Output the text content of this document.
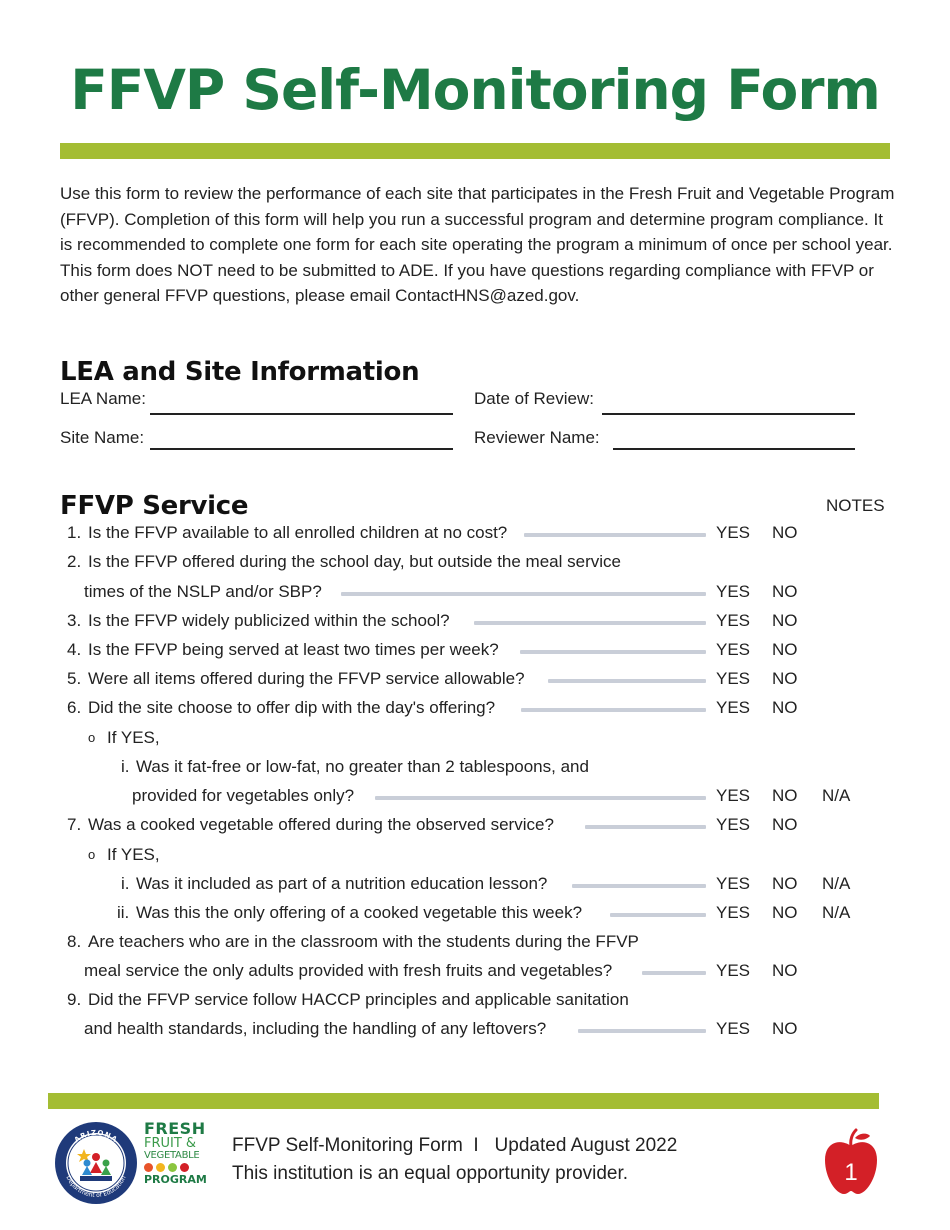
FFVP Self-Monitoring Form

Use this form to review the performance of each site that participates in the Fresh Fruit and Vegetable Program (FFVP). Completion of this form will help you run a successful program and determine program compliance. It is recommended to complete one form for each site operating the program a minimum of once per school year. This form does NOT need to be submitted to ADE. If you have questions regarding compliance with FFVP or other general FFVP questions, please email ContactHNS@azed.gov.

LEA and Site Information
LEA Name:	Date of Review:
Site Name:	Reviewer Name:
FFVP Service	NOTES
1. Is the FFVP available to all enrolled children at no cost?	YES NO
2. Is the FFVP offered during the school day, but outside the meal service
times of the NSLP and/or SBP?	YES NO
3. Is the FFVP widely publicized within the school?	YES NO
4. Is the FFVP being served at least two times per week?	YES NO
5. Were all items offered during the FFVP service allowable?	YES NO
6. Did the site choose to offer dip with the day's offering?	YES NO
o If YES,
i. Was it fat-free or low-fat, no greater than 2 tablespoons, and
provided for vegetables only?	YES NO N/A
7. Was a cooked vegetable offered during the observed service?	YES NO
o If YES,
i. Was it included as part of a nutrition education lesson?	YES NO N/A
ii. Was this the only offering of a cooked vegetable this week?	YES NO N/A
8. Are teachers who are in the classroom with the students during the FFVP
meal service the only adults provided with fresh fruits and vegetables?	YES NO
9. Did the FFVP service follow HACCP principles and applicable sanitation
and health standards, including the handling of any leftovers?	YES NO
ARIZONA
Department of Education
FRESH
FRUIT &
VEGETABLE
PROGRAM
FFVP Self-Monitoring Form  I   Updated August 2022
This institution is an equal opportunity provider.	1
